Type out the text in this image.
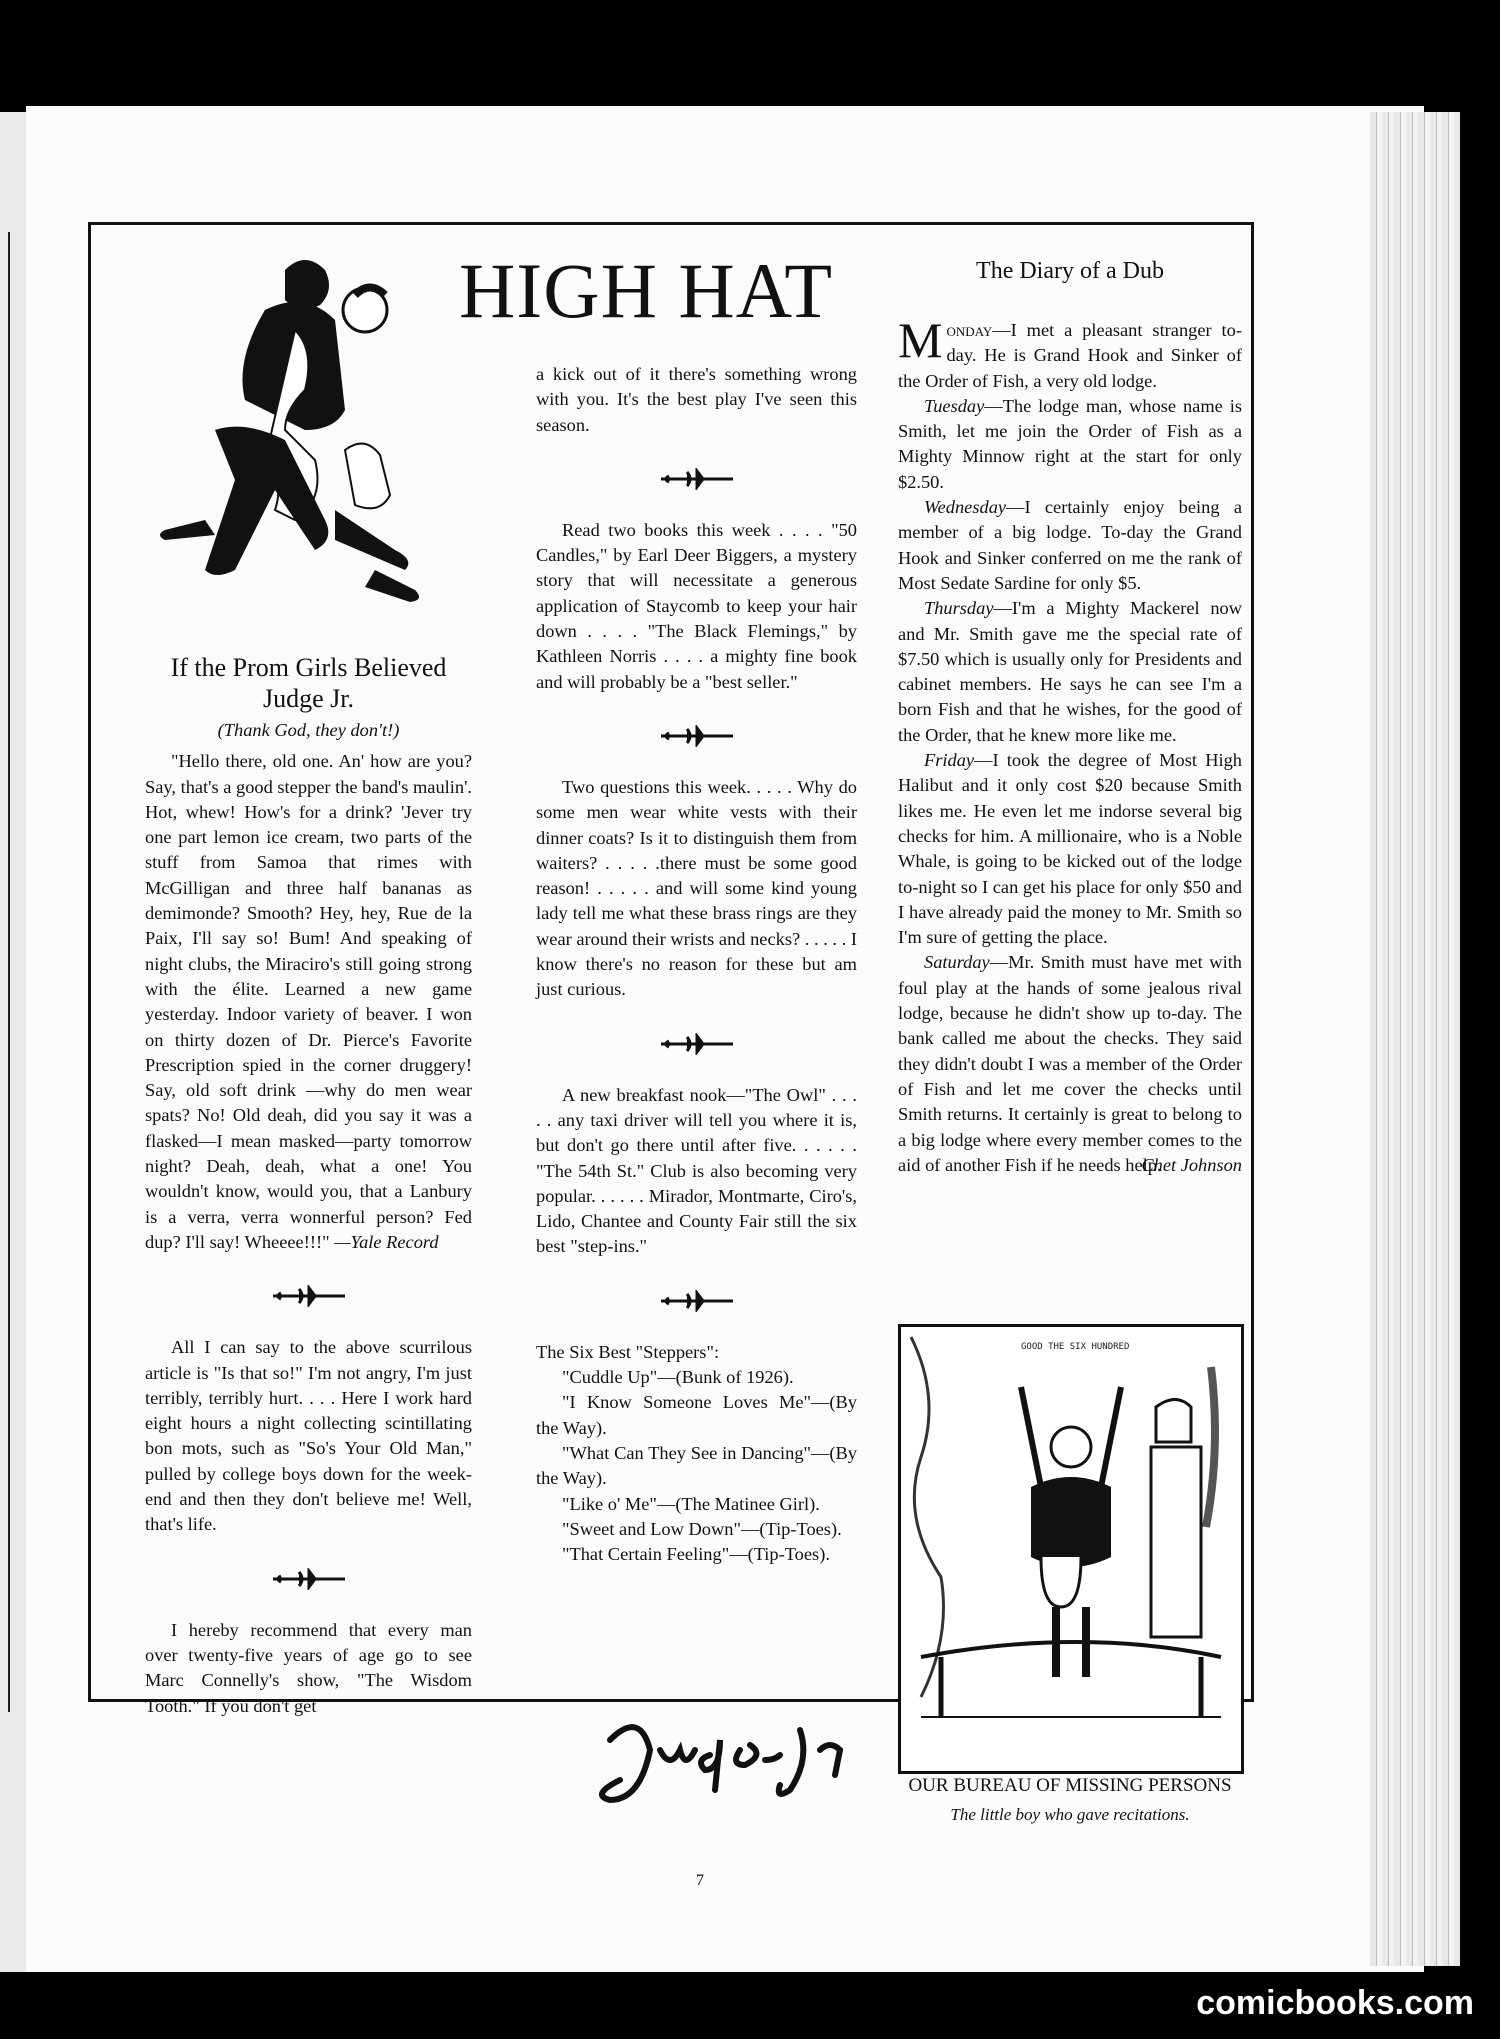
HIGH HAT
If the Prom Girls Believed Judge Jr.
(Thank God, they don't!)

"Hello there, old one. An' how are you? Say, that's a good stepper the band's maulin'. Hot, whew! How's for a drink? 'Jever try one part lemon ice cream, two parts of the stuff from Samoa that rimes with McGilligan and three half bananas as demimonde? Smooth? Hey, hey, Rue de la Paix, I'll say so! Bum! And speaking of night clubs, the Miraciro's still going strong with the élite. Learned a new game yesterday. Indoor variety of beaver. I won on thirty dozen of Dr. Pierce's Favorite Prescription spied in the corner druggery! Say, old soft drink —why do men wear spats? No! Old deah, did you say it was a flasked—I mean masked—party tomorrow night? Deah, deah, what a one! You wouldn't know, would you, that a Lanbury is a verra, verra wonnerful person? Fed dup? I'll say! Wheeee!!!" —Yale Record

All I can say to the above scurrilous article is "Is that so!" I'm not angry, I'm just terribly, terribly hurt. . . . Here I work hard eight hours a night collecting scintillating bon mots, such as "So's Your Old Man," pulled by college boys down for the week-end and then they don't believe me! Well, that's life.

I hereby recommend that every man over twenty-five years of age go to see Marc Connelly's show, "The Wisdom Tooth." If you don't get

a kick out of it there's something wrong with you. It's the best play I've seen this season.

Read two books this week . . . . "50 Candles," by Earl Deer Biggers, a mystery story that will necessitate a generous application of Staycomb to keep your hair down . . . . "The Black Flemings," by Kathleen Norris . . . . a mighty fine book and will probably be a "best seller."

Two questions this week. . . . . Why do some men wear white vests with their dinner coats? Is it to distinguish them from waiters? . . . . .there must be some good reason! . . . . . and will some kind young lady tell me what these brass rings are they wear around their wrists and necks? . . . . . I know there's no reason for these but am just curious.

A new breakfast nook—"The Owl" . . . . . any taxi driver will tell you where it is, but don't go there until after five. . . . . . "The 54th St." Club is also becoming very popular. . . . . . Mirador, Montmarte, Ciro's, Lido, Chantee and County Fair still the six best "step-ins."

The Six Best "Steppers":

"Cuddle Up"—(Bunk of 1926).

"I Know Someone Loves Me"—(By the Way).

"What Can They See in Dancing"—(By the Way).

"Like o' Me"—(The Matinee Girl).

"Sweet and Low Down"—(Tip-Toes).

"That Certain Feeling"—(Tip-Toes).

The Diary of a Dub

Monday—I met a pleasant stranger to-day. He is Grand Hook and Sinker of the Order of Fish, a very old lodge.

Tuesday—The lodge man, whose name is Smith, let me join the Order of Fish as a Mighty Minnow right at the start for only $2.50.

Wednesday—I certainly enjoy being a member of a big lodge. To-day the Grand Hook and Sinker conferred on me the rank of Most Sedate Sardine for only $5.

Thursday—I'm a Mighty Mackerel now and Mr. Smith gave me the special rate of $7.50 which is usually only for Presidents and cabinet members. He says he can see I'm a born Fish and that he wishes, for the good of the Order, that he knew more like me.

Friday—I took the degree of Most High Halibut and it only cost $20 because Smith likes me. He even let me indorse several big checks for him. A millionaire, who is a Noble Whale, is going to be kicked out of the lodge to-night so I can get his place for only $50 and I have already paid the money to Mr. Smith so I'm sure of getting the place.

Saturday—Mr. Smith must have met with foul play at the hands of some jealous rival lodge, because he didn't show up to-day. The bank called me about the checks. They said they didn't doubt I was a member of the Order of Fish and let me cover the checks until Smith returns. It certainly is great to belong to a big lodge where every member comes to the aid of another Fish if he needs help.

Chet Johnson

GOOD THE SIX HUNDRED
OUR BUREAU OF MISSING PERSONS
The little boy who gave recitations.
7
comicbooks.com
